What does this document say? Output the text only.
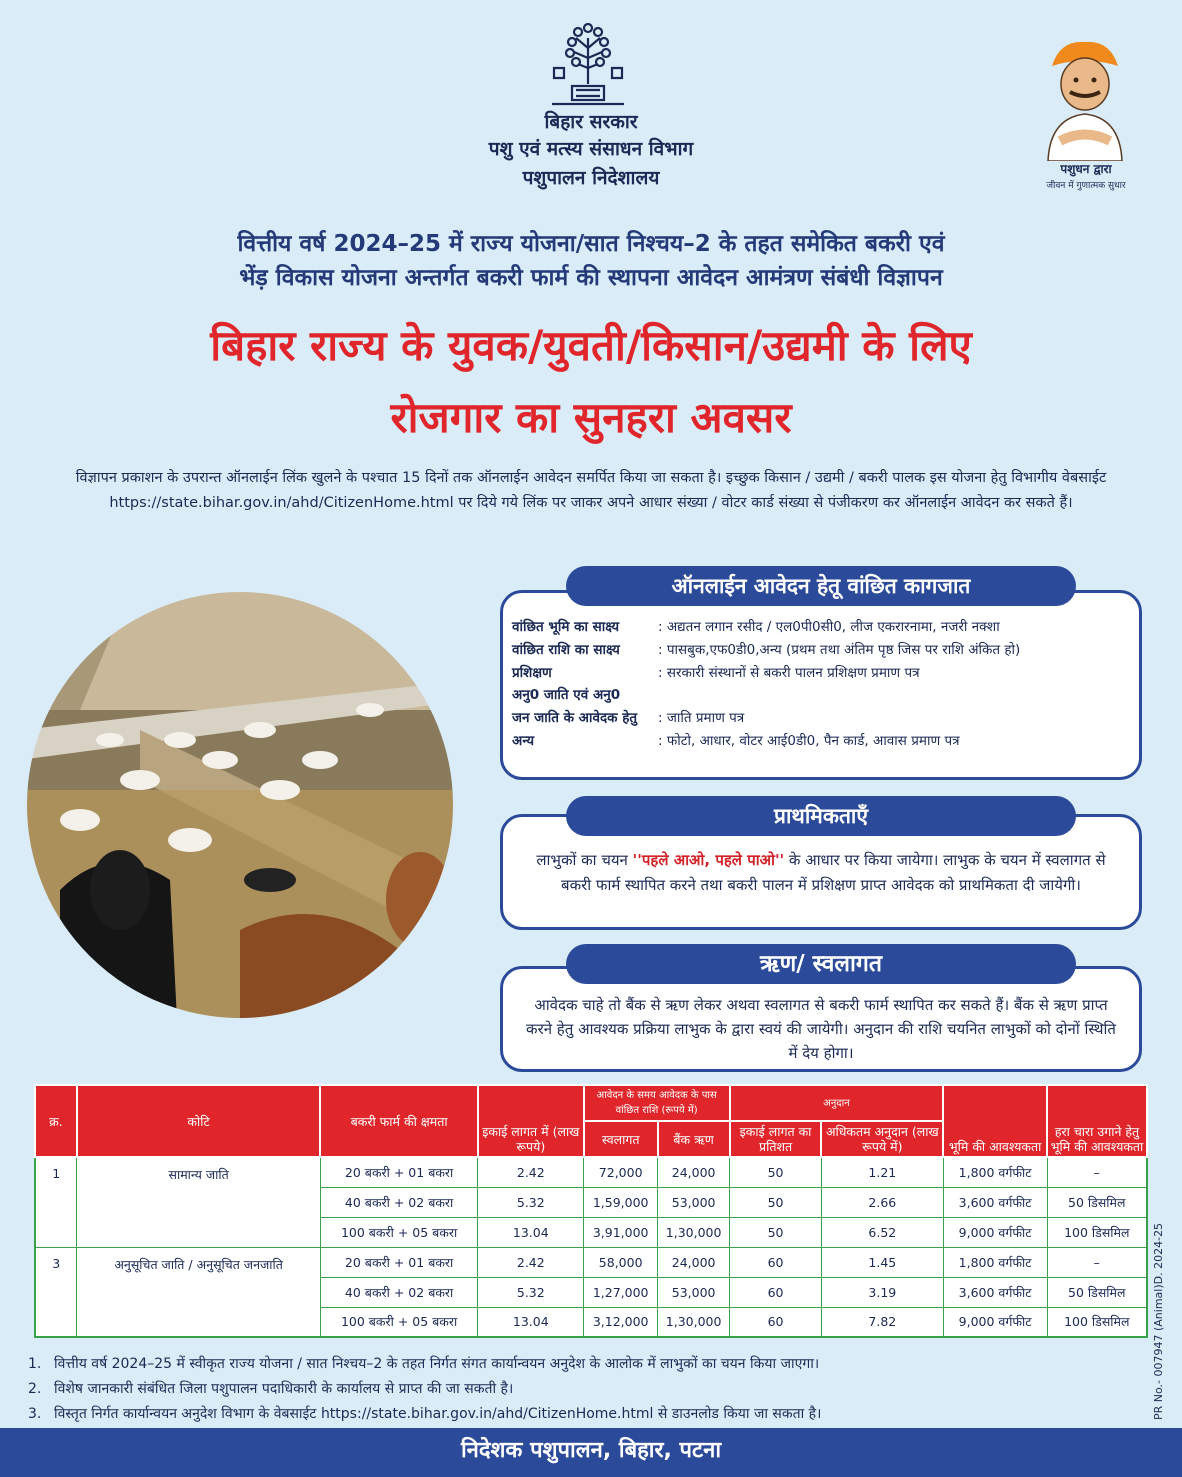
बिहार सरकार
पशु एवं मत्स्य संसाधन विभाग
पशुपालन निदेशालय	पशुधन द्वारा
जीवन में गुणात्मक सुधार
वित्तीय वर्ष 2024–25 में राज्य योजना/सात निश्चय–2 के तहत समेकित बकरी एवं
भेंड़ विकास योजना अन्तर्गत बकरी फार्म की स्थापना आवेदन आमंत्रण संबंधी विज्ञापन
बिहार राज्य के युवक/युवती/किसान/उद्यमी के लिए
रोजगार का सुनहरा अवसर
विज्ञापन प्रकाशन के उपरान्त ऑनलाईन लिंक खुलने के पश्चात 15 दिनों तक ऑनलाईन आवेदन समर्पित किया जा सकता है। इच्छुक किसान / उद्यमी / बकरी पालक इस योजना हेतु विभागीय वेबसाईट https://state.bihar.gov.in/ahd/CitizenHome.html पर दिये गये लिंक पर जाकर अपने आधार संख्या / वोटर कार्ड संख्या से पंजीकरण कर ऑनलाईन आवेदन कर सकते हैं।
ऑनलाईन आवेदन हेतू वांछित कागजात
वांछित भूमि का साक्ष्य	: अद्यतन लगान रसीद / एल0पी0सी0, लीज एकरारनामा, नजरी नक्शा
वांछित राशि का साक्ष्य	: पासबुक,एफ0डी0,अन्य (प्रथम तथा अंतिम पृष्ठ जिस पर राशि अंकित हो)
प्रशिक्षण	: सरकारी संस्थानों से बकरी पालन प्रशिक्षण प्रमाण पत्र
अनु0 जाति एवं अनु0
जन जाति के आवेदक हेतु	: जाति प्रमाण पत्र
अन्य	: फोटो, आधार, वोटर आई0डी0, पैन कार्ड, आवास प्रमाण पत्र
प्राथमिकताएँ
लाभुकों का चयन ''पहले आओ, पहले पाओ'' के आधार पर किया जायेगा। लाभुक के चयन में स्वलागत से बकरी फार्म स्थापित करने तथा बकरी पालन में प्रशिक्षण प्राप्त आवेदक को प्राथमिकता दी जायेगी।
ऋण/ स्वलागत
आवेदक चाहे तो बैंक से ऋण लेकर अथवा स्वलागत से बकरी फार्म स्थापित कर सकते हैं। बैंक से ऋण प्राप्त करने हेतु आवश्यक प्रक्रिया लाभुक के द्वारा स्वयं की जायेगी। अनुदान की राशि चयनित लाभुकों को दोनों स्थिति में देय होगा।
क्र.	कोटि	बकरी फार्म की क्षमता	इकाई लागत में (लाख रूपये)	आवेदन के समय आवेदक के पास वांछित राशि (रूपये में)		अनुदान		भूमि की आवश्यकता	हरा चारा उगाने हेतु भूमि की आवश्यकता
				स्वलागत	बैंक ऋण	इकाई लागत का प्रतिशत	अधिकतम अनुदान (लाख रूपये में)		
1	सामान्य जाति	20 बकरी + 01 बकरा	2.42	72,000	24,000	50	1.21	1,800 वर्गफीट	–
		40 बकरी + 02 बकरा	5.32	1,59,000	53,000	50	2.66	3,600 वर्गफीट	50 डिसमिल
		100 बकरी + 05 बकरा	13.04	3,91,000	1,30,000	50	6.52	9,000 वर्गफीट	100 डिसमिल
3	अनुसूचित जाति / अनुसूचित जनजाति	20 बकरी + 01 बकरा	2.42	58,000	24,000	60	1.45	1,800 वर्गफीट	–
		40 बकरी + 02 बकरा	5.32	1,27,000	53,000	60	3.19	3,600 वर्गफीट	50 डिसमिल
		100 बकरी + 05 बकरा	13.04	3,12,000	1,30,000	60	7.82	9,000 वर्गफीट	100 डिसमिल
1. वित्तीय वर्ष 2024–25 में स्वीकृत राज्य योजना / सात निश्चय–2 के तहत निर्गत संगत कार्यान्वयन अनुदेश के आलोक में लाभुकों का चयन किया जाएगा।
2. विशेष जानकारी संबंधित जिला पशुपालन पदाधिकारी के कार्यालय से प्राप्त की जा सकती है।
3. विस्तृत निर्गत कार्यान्वयन अनुदेश विभाग के वेबसाईट https://state.bihar.gov.in/ahd/CitizenHome.html से डाउनलोड किया जा सकता है।	PR No.- 007947 (Animal)D. 2024-25
निदेशक पशुपालन, बिहार, पटना
